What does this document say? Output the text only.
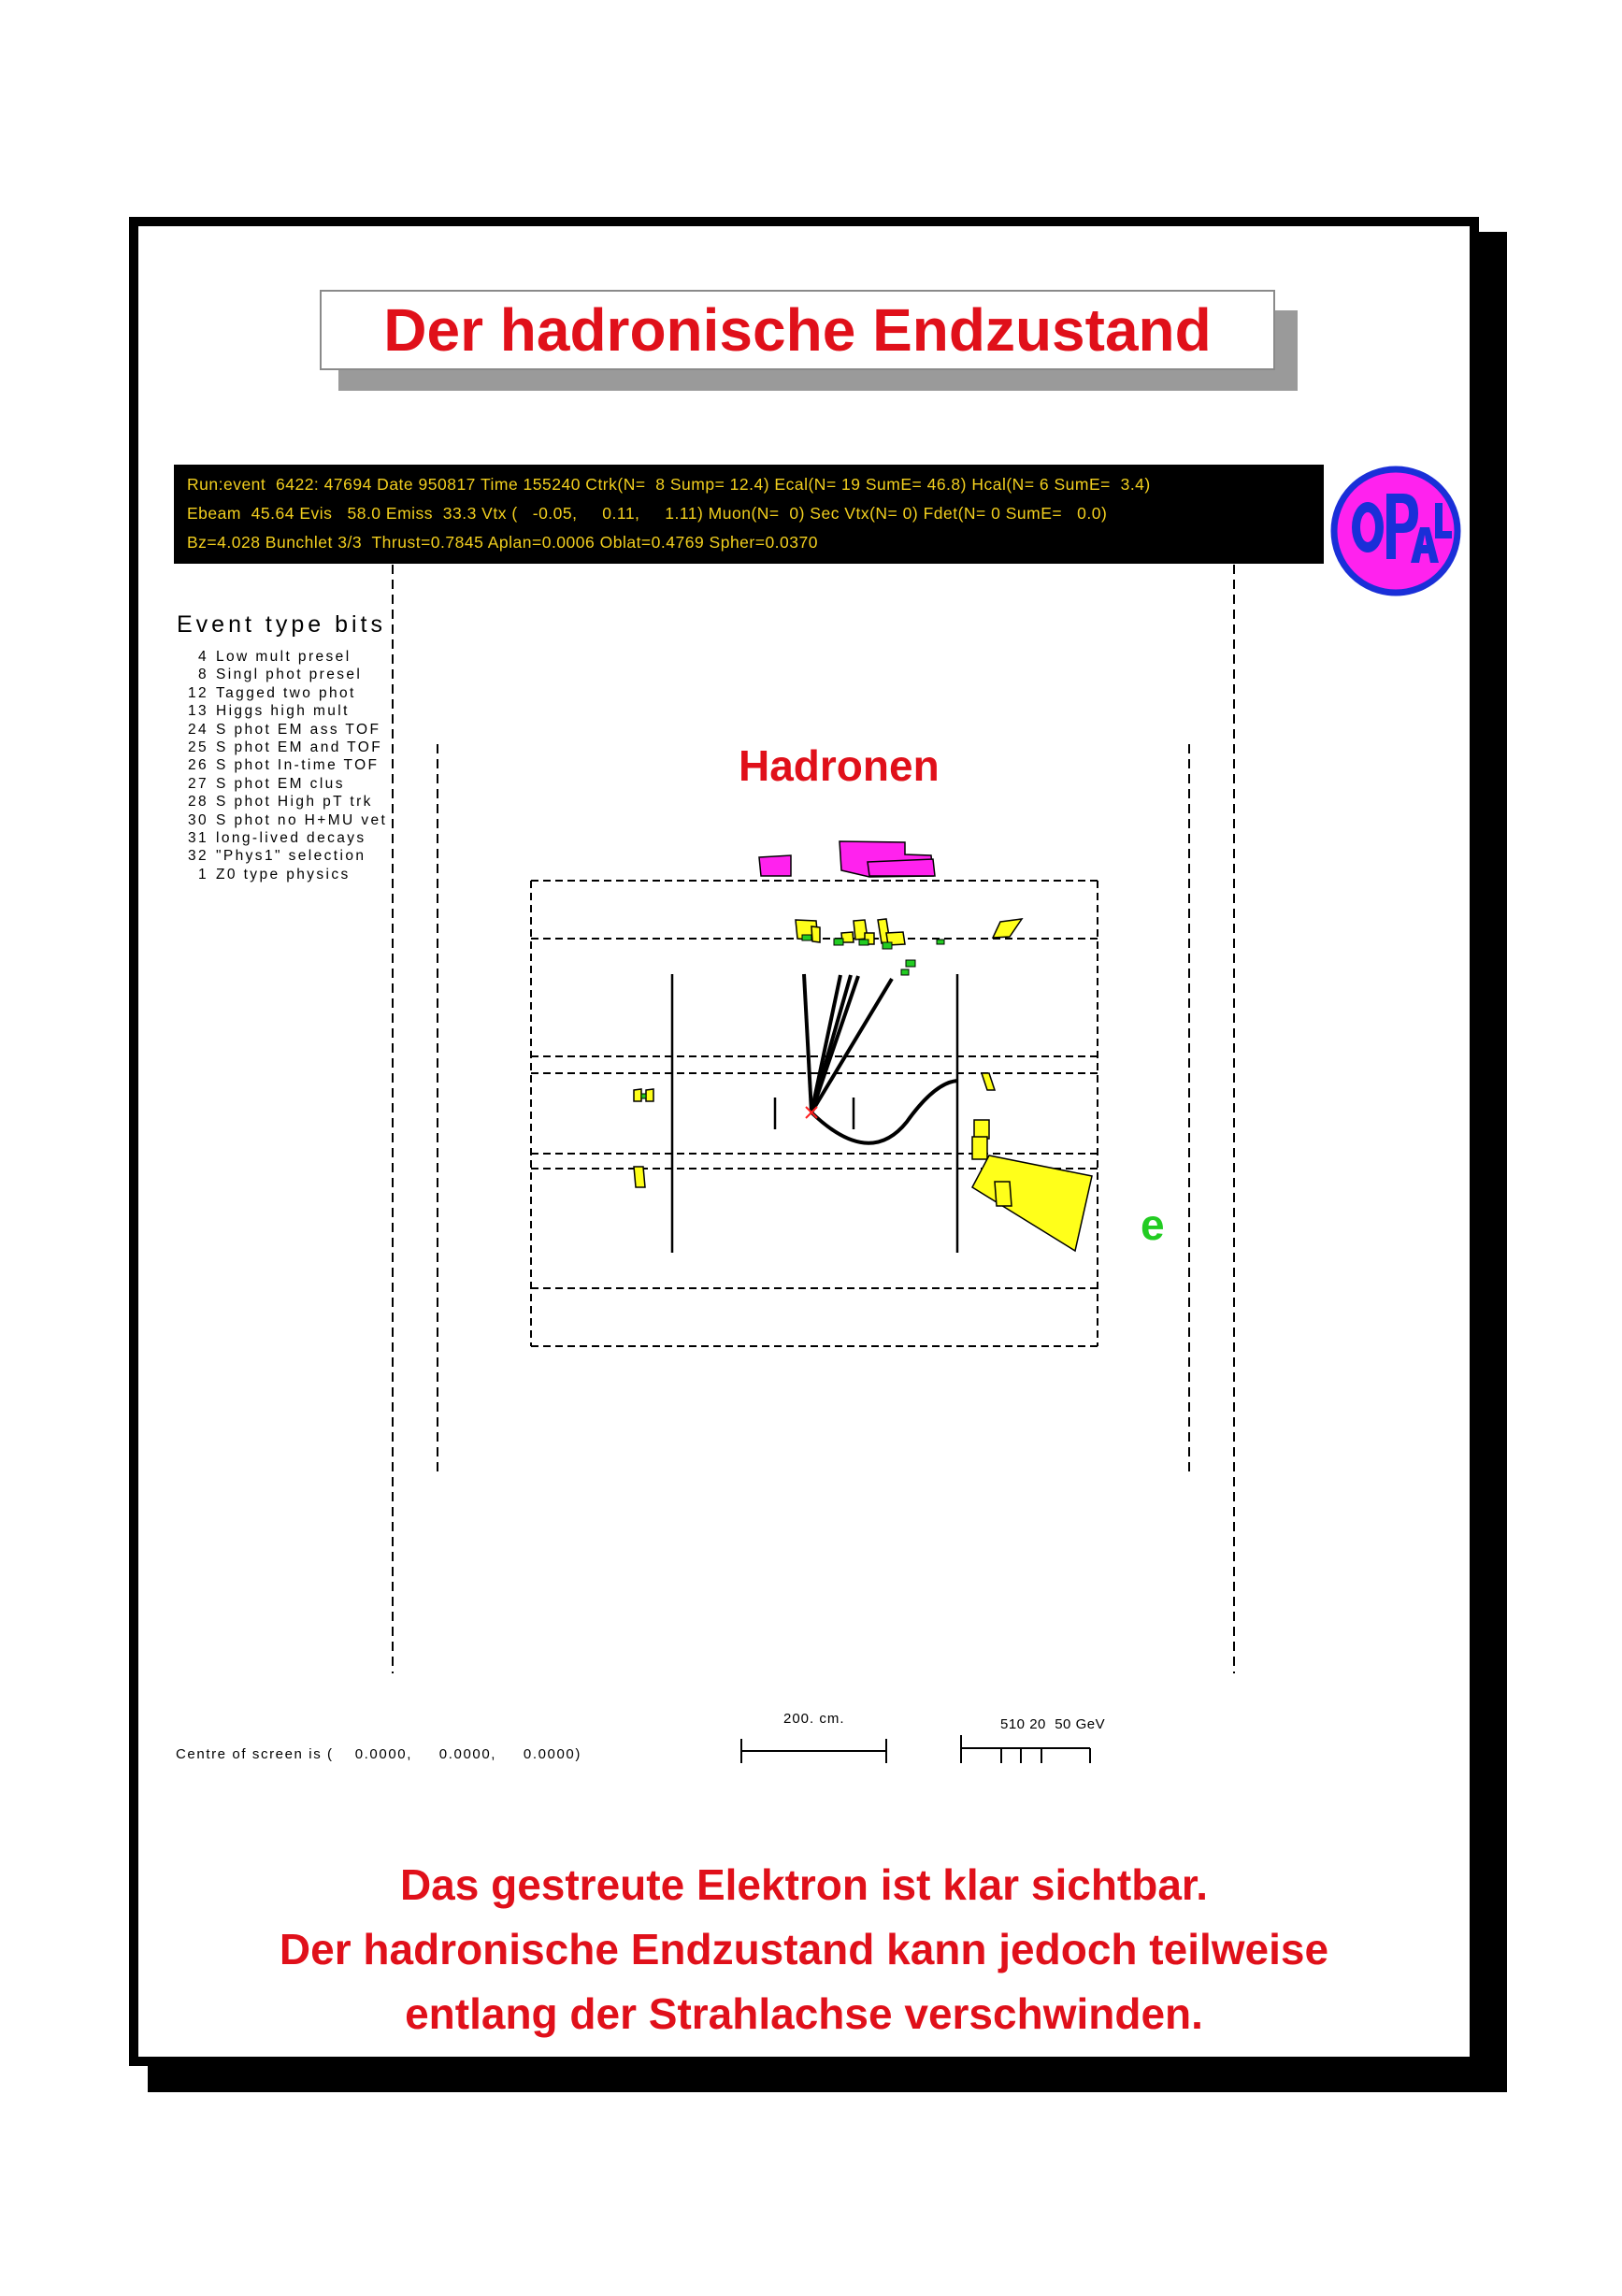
Der hadronische Endzustand
Run:event  6422: 47694 Date 950817 Time 155240 Ctrk(N=  8 Sump= 12.4) Ecal(N= 19 SumE= 46.8) Hcal(N= 6 SumE=  3.4)
Ebeam  45.64 Evis   58.0 Emiss  33.3 Vtx (   -0.05,     0.11,     1.11) Muon(N=  0) Sec Vtx(N= 0) Fdet(N= 0 SumE=   0.0)
Bz=4.028 Bunchlet 3/3  Thrust=0.7845 Aplan=0.0006 Oblat=0.4769 Spher=0.0370
Event type bits
4 Low mult presel
8 Singl phot presel
12 Tagged two phot
13 Higgs high mult
24 S phot EM ass TOF
25 S phot EM and TOF
26 S phot In-time TOF
27 S phot EM clus
28 S phot High pT trk
30 S phot no H+MU vet
31 long-lived decays
32 "Phys1" selection
1 Z0 type physics
Hadronen
e
Centre of screen is (    0.0000,     0.0000,     0.0000)
200. cm.	510 20  50 GeV
Das gestreute Elektron ist klar sichtbar.
Der hadronische Endzustand kann jedoch teilweise
entlang der Strahlachse verschwinden.
